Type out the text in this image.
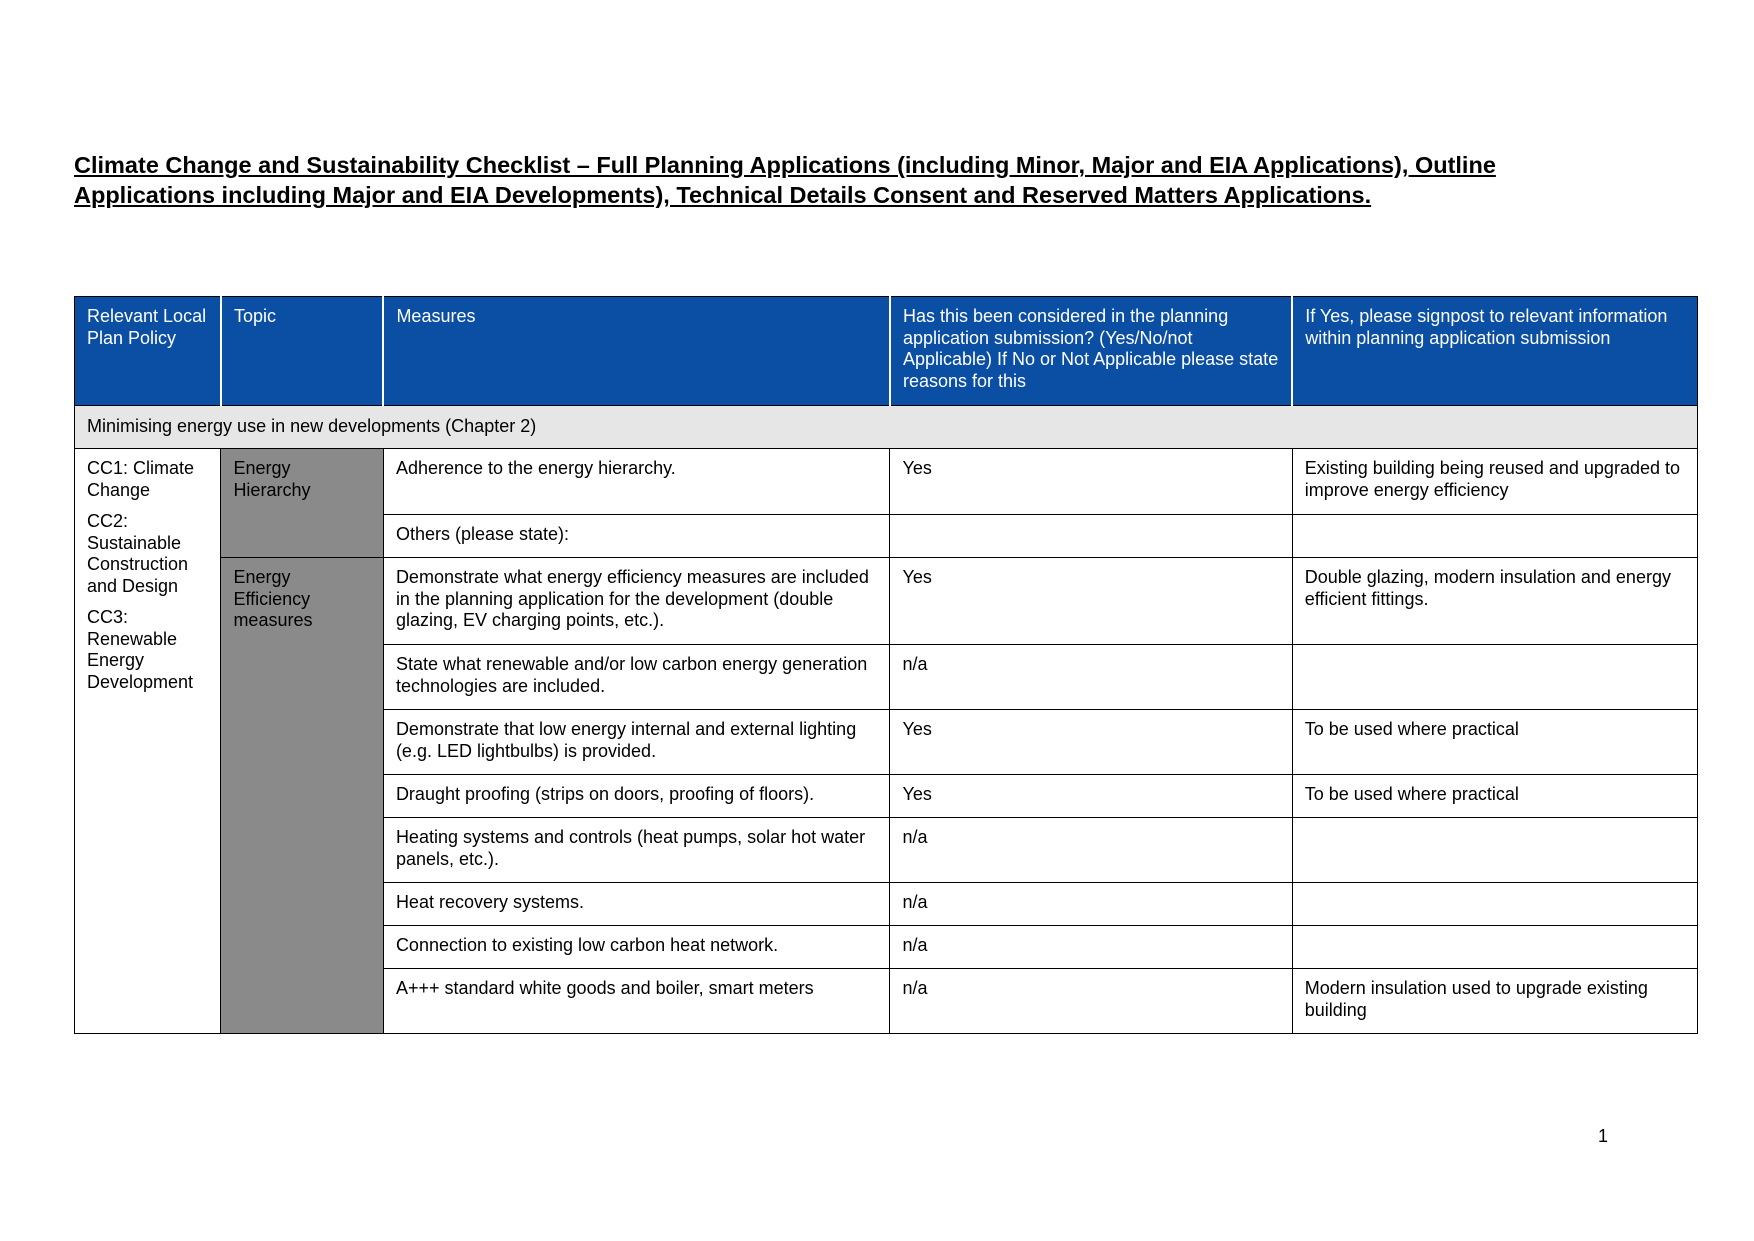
Climate Change and Sustainability Checklist – Full Planning Applications (including Minor, Major and EIA Applications), Outline Applications including Major and EIA Developments), Technical Details Consent and Reserved Matters Applications.
Relevant Local Plan Policy	Topic	Measures	Has this been considered in the planning application submission? (Yes/No/not Applicable) If No or Not Applicable please state reasons for this	If Yes, please signpost to relevant information within planning application submission
Minimising energy use in new developments (Chapter 2)				

CC1: Climate Change

CC2: Sustainable Construction and Design

CC3: Renewable Energy Development	Energy Hierarchy	Adherence to the energy hierarchy.	Yes	Existing building being reused and upgraded to improve energy efficiency
		Others (please state):		
	Energy Efficiency measures	Demonstrate what energy efficiency measures are included in the planning application for the development (double glazing, EV charging points, etc.).	Yes	Double glazing, modern insulation and energy efficient fittings.
		State what renewable and/or low carbon energy generation technologies are included.	n/a	
		Demonstrate that low energy internal and external lighting (e.g. LED lightbulbs) is provided.	Yes	To be used where practical
		Draught proofing (strips on doors, proofing of floors).	Yes	To be used where practical
		Heating systems and controls (heat pumps, solar hot water panels, etc.).	n/a	
		Heat recovery systems.	n/a	
		Connection to existing low carbon heat network.	n/a	
		A+++ standard white goods and boiler, smart meters	n/a	Modern insulation used to upgrade existing building
1
